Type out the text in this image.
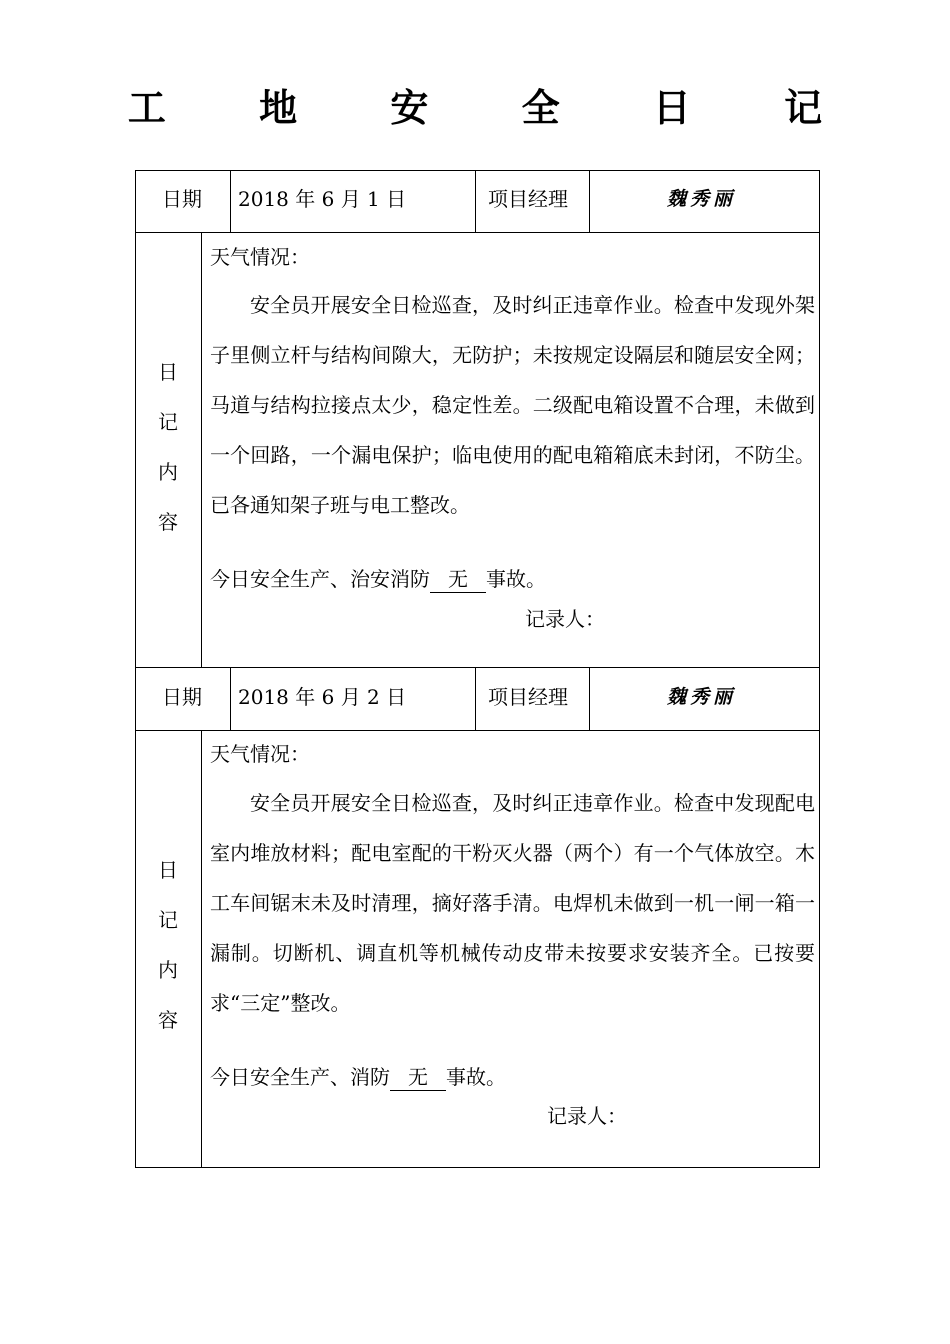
工 地 安 全 日 记
日期 2018 年 6 月 1 日	项目经理	魏秀丽
日
记
内
容
天气情况：
安全员开展安全日检巡查，及时纠正违章作业。检查中发现外架子里侧立杆与结构间隙大，无防护；未按规定设隔层和随层安全网；马道与结构拉接点太少，稳定性差。二级配电箱设置不合理，未做到一个回路，一个漏电保护；临电使用的配电箱箱底未封闭，不防尘。已各通知架子班与电工整改。
今日安全生产、治安消防 无 事故。
记录人：
日期 2018 年 6 月 2 日	项目经理	魏秀丽
日
记
内
容
天气情况：
安全员开展安全日检巡查，及时纠正违章作业。检查中发现配电室内堆放材料；配电室配的干粉灭火器（两个）有一个气体放空。木工车间锯末未及时清理，摘好落手清。电焊机未做到一机一闸一箱一漏制。切断机、调直机等机械传动皮带未按要求安装齐全。已按要求“三定”整改。
今日安全生产、消防 无 事故。
记录人：
